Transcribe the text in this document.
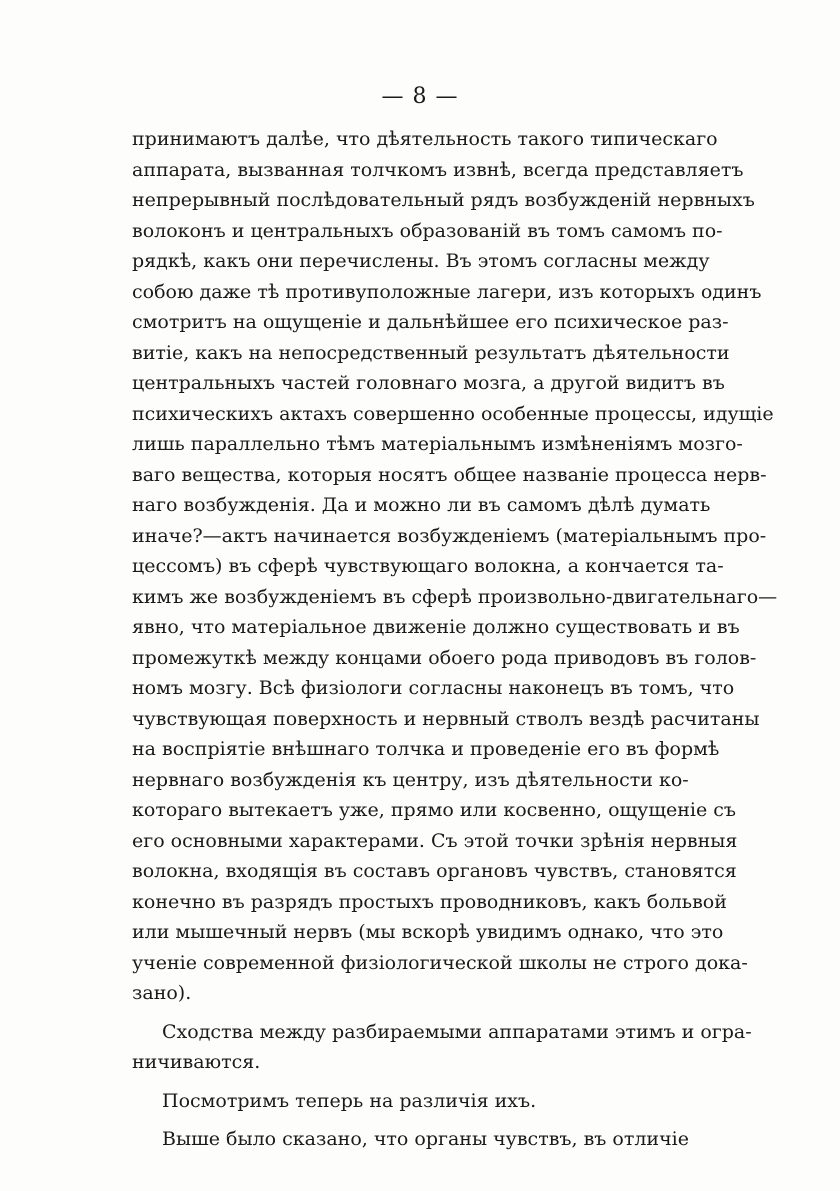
— 8 —
принимаютъ далѣе, что дѣятельность такого типическаго
аппарата, вызванная толчкомъ извнѣ, всегда представляетъ
непрерывный послѣдовательный рядъ возбужденій нервныхъ
волоконъ и центральныхъ образованій въ томъ самомъ по-
рядкѣ, какъ они перечислены. Въ этомъ согласны между
собою даже тѣ противуположные лагери, изъ которыхъ одинъ
смотритъ на ощущеніе и дальнѣйшее его психическое раз-
витіе, какъ на непосредственный результатъ дѣятельности
центральныхъ частей головнаго мозга, а другой видитъ въ
психическихъ актахъ совершенно особенные процессы, идущіе
лишь параллельно тѣмъ матеріальнымъ измѣненіямъ мозго-
ваго вещества, которыя носятъ общее названіе процесса нерв-
наго возбужденія. Да и можно ли въ самомъ дѣлѣ думать
иначе?—актъ начинается возбужденіемъ (матеріальнымъ про-
цессомъ) въ сферѣ чувствующаго волокна, а кончается та-
кимъ же возбужденіемъ въ сферѣ произвольно-двигательнаго—
явно, что матеріальное движеніе должно существовать и въ
промежуткѣ между концами обоего рода приводовъ въ голов-
номъ мозгу. Всѣ физіологи согласны наконецъ въ томъ, что
чувствующая поверхность и нервный стволъ вездѣ расчитаны
на воспріятіе внѣшнаго толчка и проведеніе его въ формѣ
нервнаго возбужденія къ центру, изъ дѣятельности ко-
котораго вытекаетъ уже, прямо или косвенно, ощущеніе съ
его основными характерами. Съ этой точки зрѣнія нервныя
волокна, входящія въ составъ органовъ чувствъ, становятся
конечно въ разрядъ простыхъ проводниковъ, какъ больвой
или мышечный нервъ (мы вскорѣ увидимъ однако, что это
ученіе современной физіологической школы не строго дока-
зано).
Сходства между разбираемыми аппаратами этимъ и огра-
ничиваются.
Посмотримъ теперь на различія ихъ.
Выше было сказано, что органы чувствъ, въ отличіе
